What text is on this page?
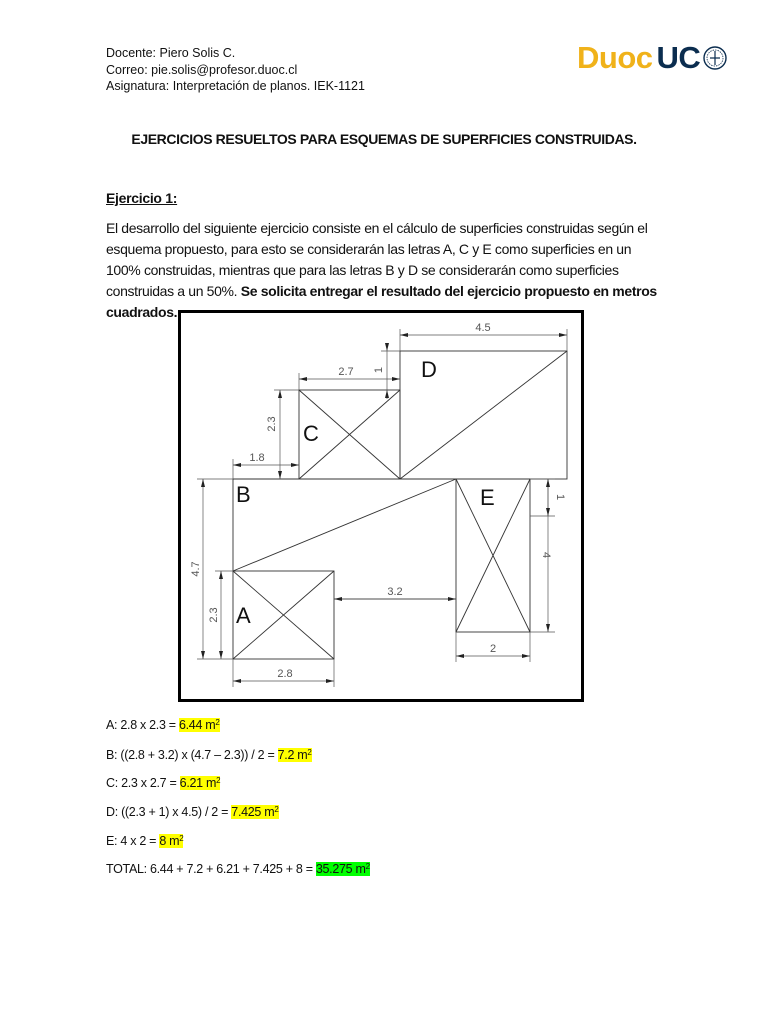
Docente: Piero Solis C.
Correo: pie.solis@profesor.duoc.cl
Asignatura: Interpretación de planos. IEK-1121
Duoc UC
EJERCICIOS RESUELTOS PARA ESQUEMAS DE SUPERFICIES CONSTRUIDAS.
Ejercicio 1:
El desarrollo del siguiente ejercicio consiste en el cálculo de superficies construidas según el esquema propuesto, para esto se considerarán las letras A, C y E como superficies en un 100% construidas, mientras que para las letras B y D se considerarán como superficies construidas a un 50%. Se solicita entregar el resultado del ejercicio propuesto en metros cuadrados.
D
C
B
A
E
4.5
2.7 1
2.3
1.8
4.7
2.3
3.2
2.8
1
4
2
A: 2.8 x 2.3 = 6.44 $m^2$
B: ((2.8 + 3.2) x (4.7 – 2.3)) / 2 = 7.2 $m^2$
C: 2.3 x 2.7 = 6.21 $m^2$
D: ((2.3 + 1) x 4.5) / 2 = 7.425 $m^2$
E: 4 x 2 = 8 $m^2$
TOTAL: 6.44 + 7.2 + 6.21 + 7.425 + 8 = 35.275 $m^2$
